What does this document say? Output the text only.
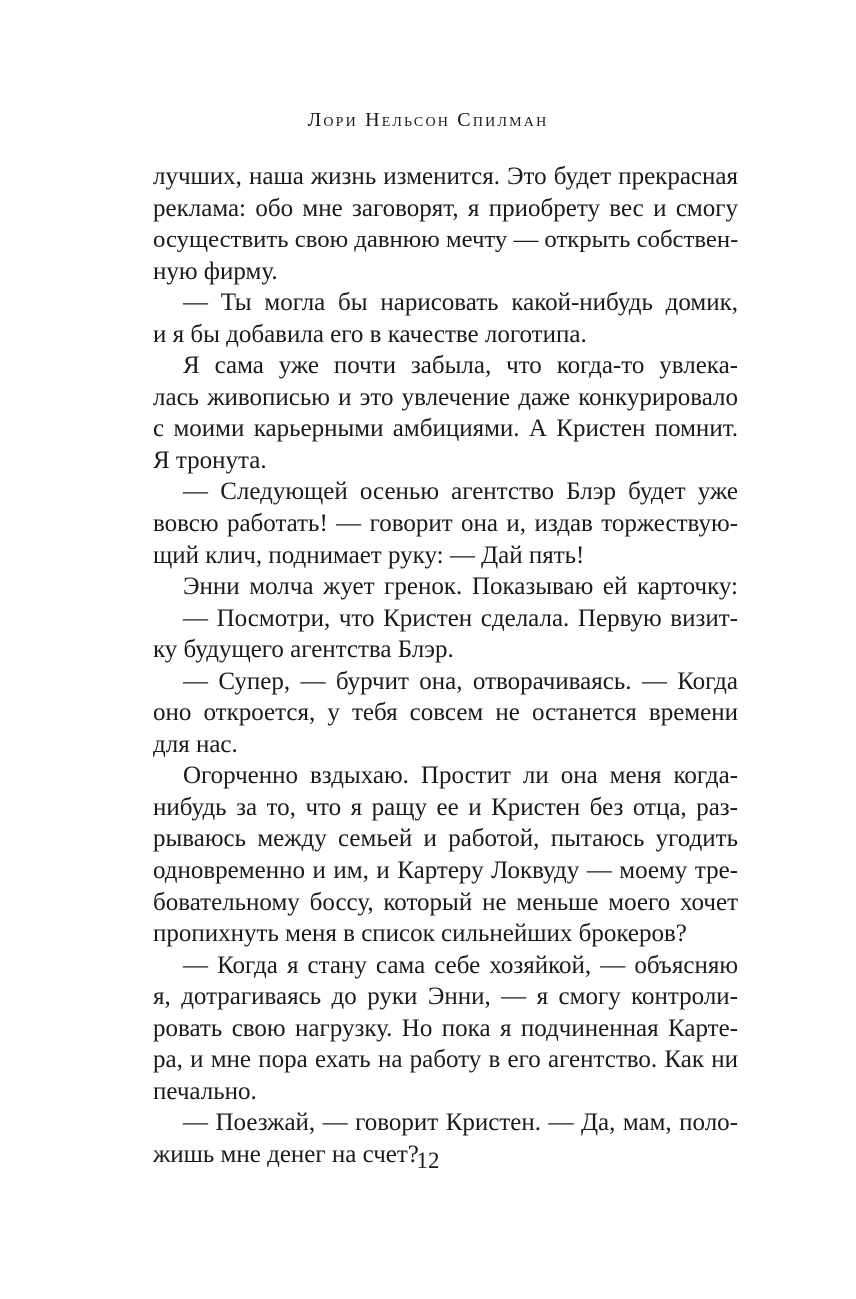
Лори Нельсон Спилман
лучших, наша жизнь изменится. Это будет прекрасная
реклама: обо мне заговорят, я приобрету вес и смогу
осуществить свою давнюю мечту — открыть собствен-
ную фирму.
— Ты могла бы нарисовать какой-нибудь домик,
и я бы добавила его в качестве логотипа.
Я сама уже почти забыла, что когда-то увлека-
лась живописью и это увлечение даже конкурировало
с моими карьерными амбициями. А Кристен помнит.
Я тронута.
— Следующей осенью агентство Блэр будет уже
вовсю работать! — говорит она и, издав торжествую-
щий клич, поднимает руку: — Дай пять!
Энни молча жует гренок. Показываю ей карточку:
— Посмотри, что Кристен сделала. Первую визит-
ку будущего агентства Блэр.
— Супер, — бурчит она, отворачиваясь. — Когда
оно откроется, у тебя совсем не останется времени
для нас.
Огорченно вздыхаю. Простит ли она меня когда-
нибудь за то, что я ращу ее и Кристен без отца, раз-
рываюсь между семьей и работой, пытаюсь угодить
одновременно и им, и Картеру Локвуду — моему тре-
бовательному боссу, который не меньше моего хочет
пропихнуть меня в список сильнейших брокеров?
— Когда я стану сама себе хозяйкой, — объясняю
я, дотрагиваясь до руки Энни, — я смогу контроли-
ровать свою нагрузку. Но пока я подчиненная Карте-
ра, и мне пора ехать на работу в его агентство. Как ни
печально.
— Поезжай, — говорит Кристен. — Да, мам, поло-
жишь мне денег на счет?
12
